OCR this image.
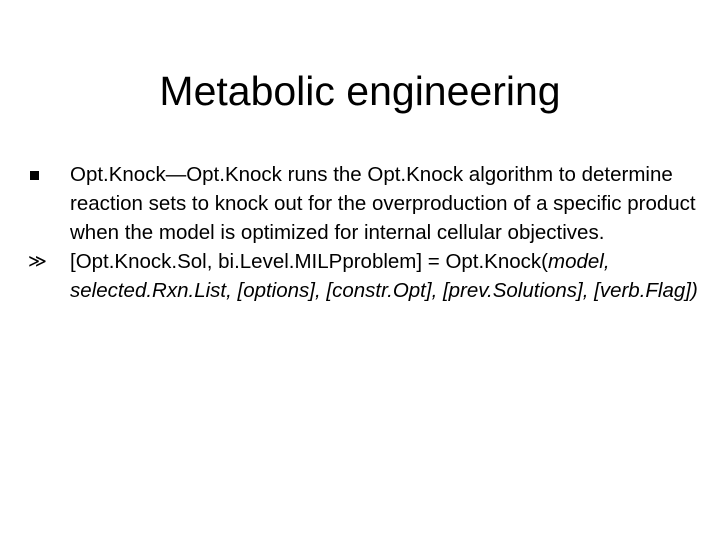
Metabolic engineering
Opt.Knock—Opt.Knock runs the Opt.Knock algorithm to determine reaction sets to knock out for the overproduction of a specific product when the model is optimized for internal cellular objectives.
≫ [Opt.Knock.Sol, bi.Level.MILPproblem] = Opt.Knock(model, selected.Rxn.List, [options], [constr.Opt], [prev.Solutions], [verb.Flag])
